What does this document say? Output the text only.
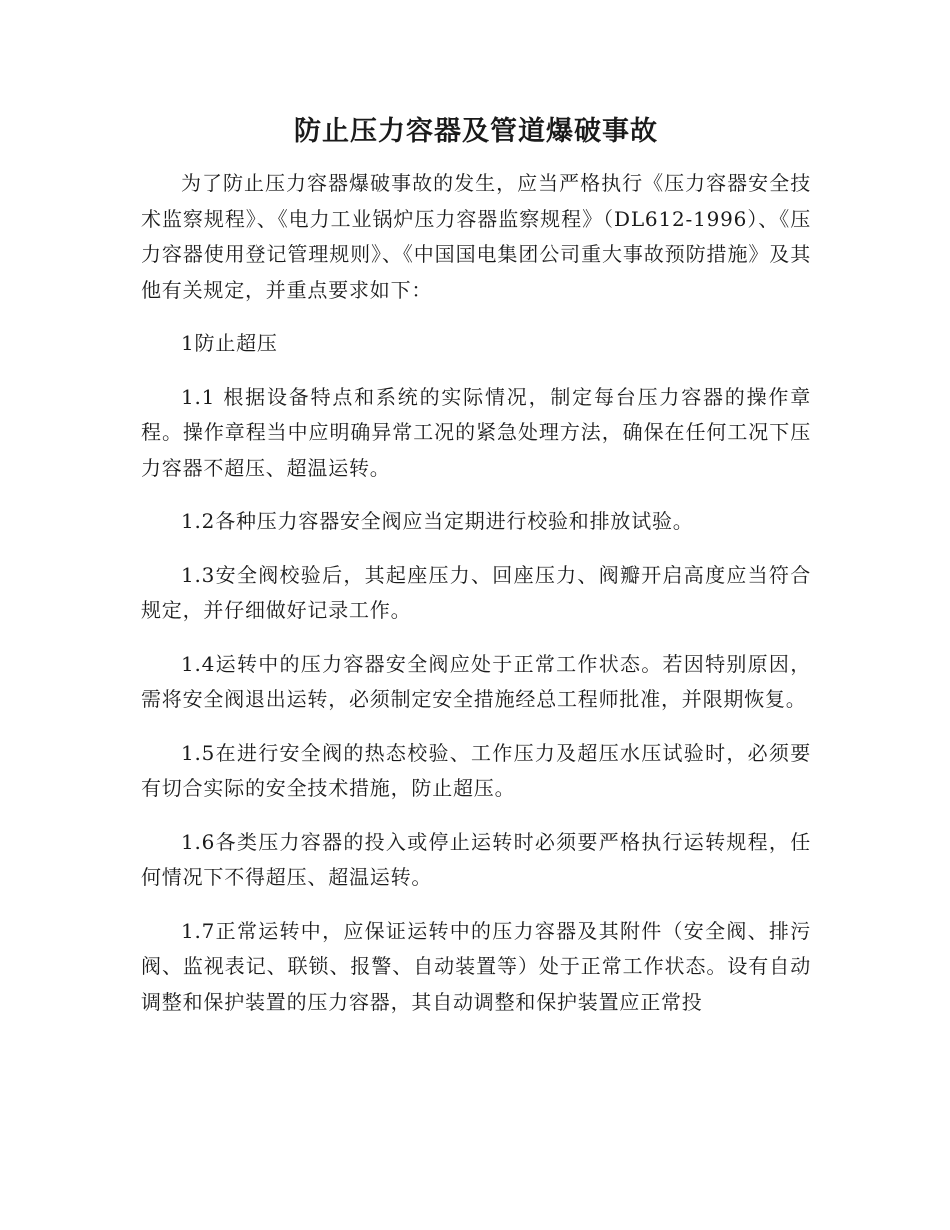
防止压力容器及管道爆破事故

为了防止压力容器爆破事故的发生，应当严格执行《压力容器安全技术监察规程》、《电力工业锅炉压力容器监察规程》（DL612-1996）、《压力容器使用登记管理规则》、《中国国电集团公司重大事故预防措施》及其他有关规定，并重点要求如下：

1防止超压

1.1 根据设备特点和系统的实际情况，制定每台压力容器的操作章程。操作章程当中应明确异常工况的紧急处理方法，确保在任何工况下压力容器不超压、超温运转。

1.2各种压力容器安全阀应当定期进行校验和排放试验。

1.3安全阀校验后，其起座压力、回座压力、阀瓣开启高度应当符合规定，并仔细做好记录工作。

1.4运转中的压力容器安全阀应处于正常工作状态。若因特别原因，需将安全阀退出运转，必须制定安全措施经总工程师批准，并限期恢复。

1.5在进行安全阀的热态校验、工作压力及超压水压试验时，必须要有切合实际的安全技术措施，防止超压。

1.6各类压力容器的投入或停止运转时必须要严格执行运转规程，任何情况下不得超压、超温运转。

1.7正常运转中，应保证运转中的压力容器及其附件（安全阀、排污阀、监视表记、联锁、报警、自动装置等）处于正常工作状态。设有自动调整和保护装置的压力容器，其自动调整和保护装置应正常投
